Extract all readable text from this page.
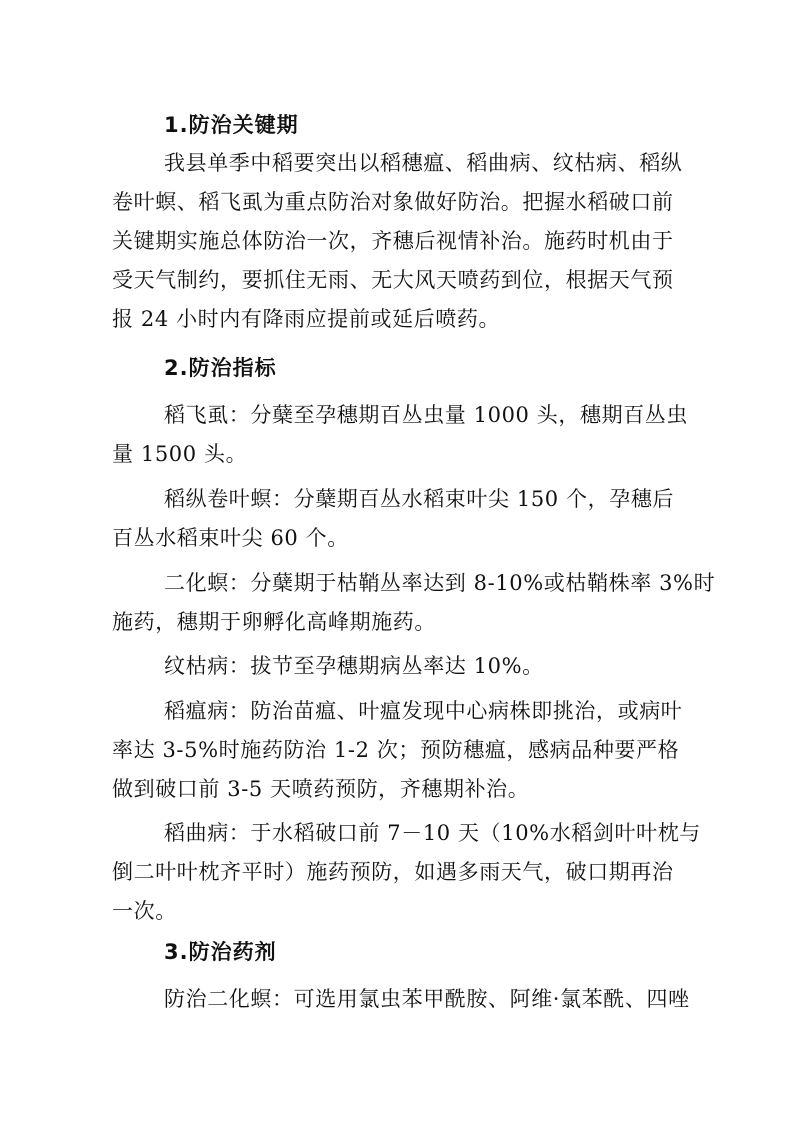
1.防治关键期
我县单季中稻要突出以稻穗瘟、稻曲病、纹枯病、稻纵
卷叶螟、稻飞虱为重点防治对象做好防治。把握水稻破口前
关键期实施总体防治一次，齐穗后视情补治。施药时机由于
受天气制约，要抓住无雨、无大风天喷药到位，根据天气预
报 24 小时内有降雨应提前或延后喷药。
2.防治指标
稻飞虱：分蘖至孕穗期百丛虫量 1000 头，穗期百丛虫
量 1500 头。
稻纵卷叶螟：分蘖期百丛水稻束叶尖 150 个，孕穗后
百丛水稻束叶尖 60 个。
二化螟：分蘖期于枯鞘丛率达到 8-10%或枯鞘株率 3%时
施药，穗期于卵孵化高峰期施药。
纹枯病：拔节至孕穗期病丛率达 10%。
稻瘟病：防治苗瘟、叶瘟发现中心病株即挑治，或病叶
率达 3-5%时施药防治 1-2 次；预防穗瘟，感病品种要严格
做到破口前 3-5 天喷药预防，齐穗期补治。
稻曲病：于水稻破口前 7－10 天（10%水稻剑叶叶枕与
倒二叶叶枕齐平时）施药预防，如遇多雨天气，破口期再治
一次。
3.防治药剂
防治二化螟：可选用氯虫苯甲酰胺、阿维·氯苯酰、四唑
